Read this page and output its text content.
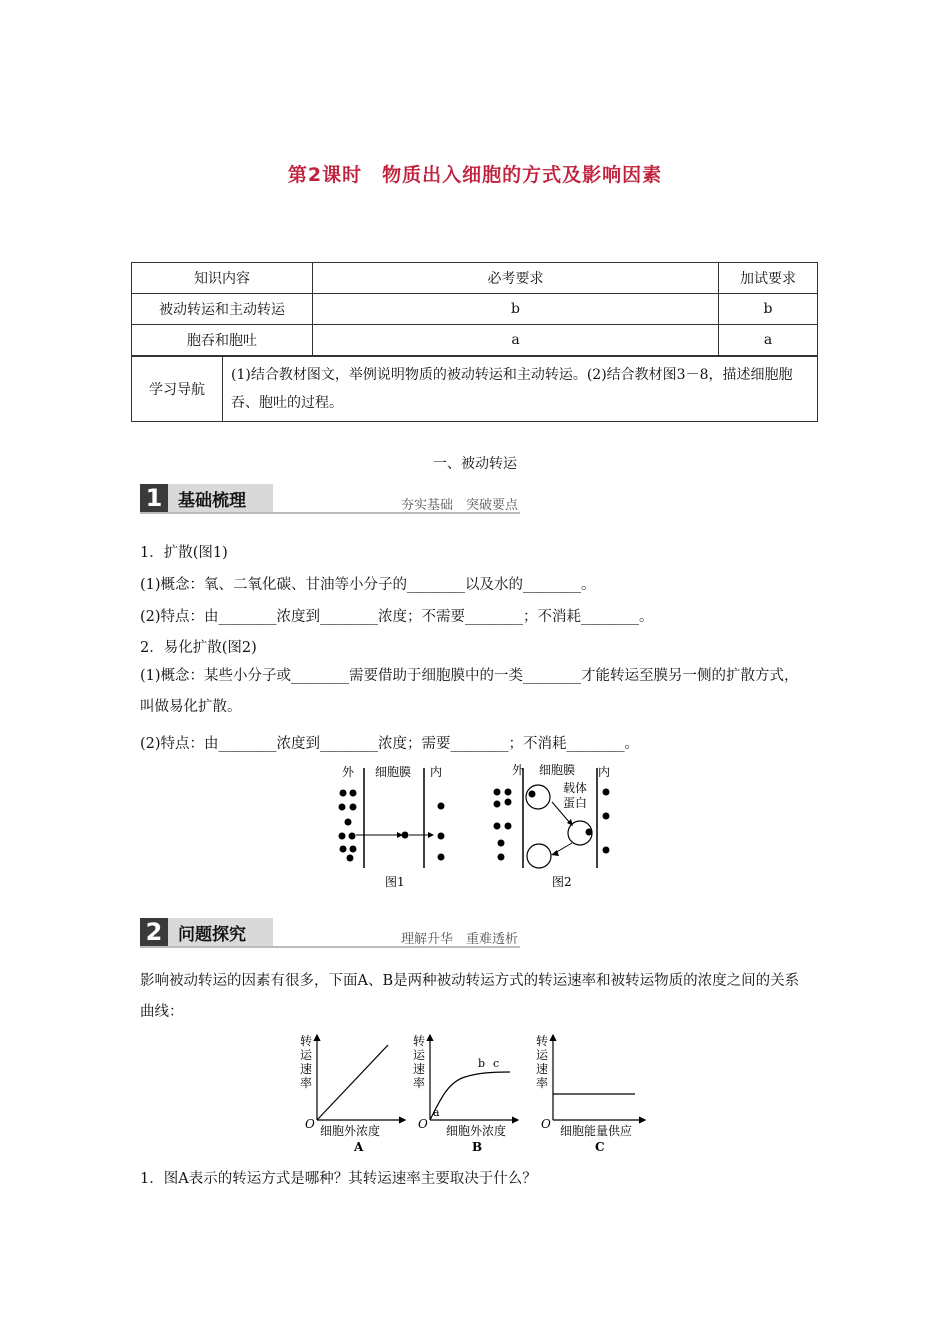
第2课时　物质出入细胞的方式及影响因素
知识内容	必考要求	加试要求
被动转运和主动转运	b	b
胞吞和胞吐	a	a
学习导航	(1)结合教材图文，举例说明物质的被动转运和主动转运。(2)结合教材图3－8，描述细胞胞吞、胞吐的过程。
一、被动转运
1 基础梳理	夯实基础　突破要点
1．扩散(图1)
(1)概念：氧、二氧化碳、甘油等小分子的________以及水的________。
(2)特点：由________浓度到________浓度；不需要________；不消耗________。
2．易化扩散(图2)
(1)概念：某些小分子或________需要借助于细胞膜中的一类________才能转运至膜另一侧的扩散方式，叫做易化扩散。
(2)特点：由________浓度到________浓度；需要________；不消耗________。
外 细胞膜 内
图1
外 细胞膜 内
载体
蛋白
图2
2 问题探究	理解升华　重难透析
影响被动转运的因素有很多，下面A、B是两种被动转运方式的转运速率和被转运物质的浓度之间的关系曲线：
转
运
速
率
O 细胞外浓度
A
转
运
速
率
a
b c
O 细胞外浓度
B
转
运
速
率
O 细胞能量供应
C
1．图A表示的转运方式是哪种？其转运速率主要取决于什么？
